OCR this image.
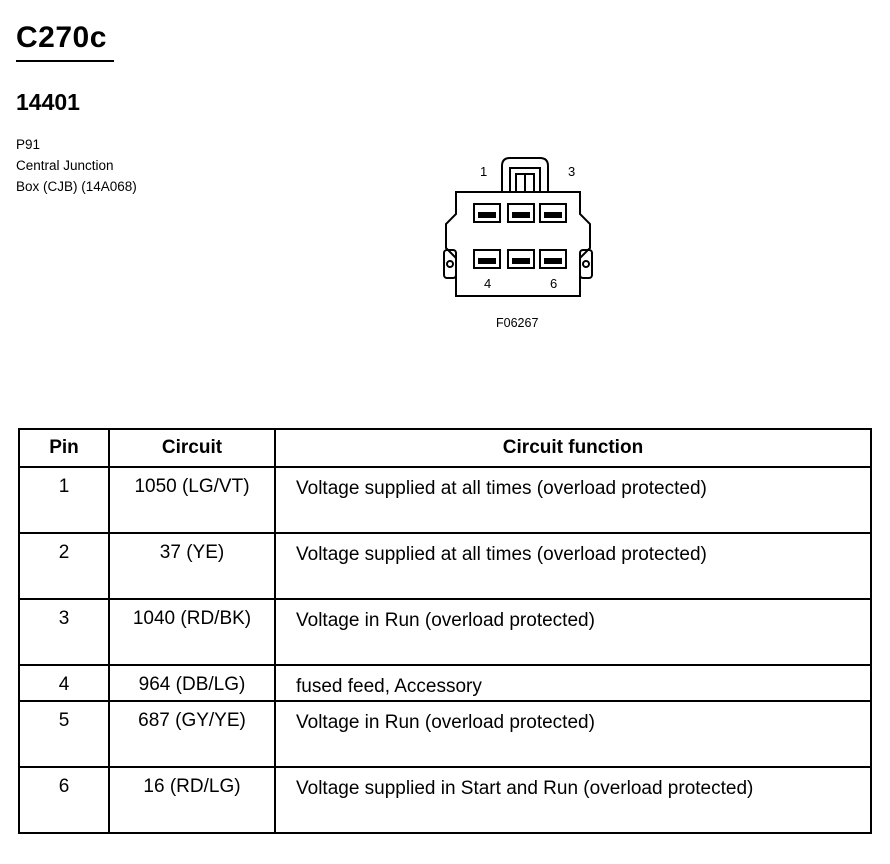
C270c
14401
P91
Central Junction
Box (CJB) (14A068)
1	3
4	6
F06267
Pin	Circuit	Circuit function
1	1050 (LG/VT)	Voltage supplied at all times (overload protected)
2	37 (YE)	Voltage supplied at all times (overload protected)
3	1040 (RD/BK)	Voltage in Run (overload protected)
4	964 (DB/LG)	fused feed, Accessory
5	687 (GY/YE)	Voltage in Run (overload protected)
6	16 (RD/LG)	Voltage supplied in Start and Run (overload protected)
